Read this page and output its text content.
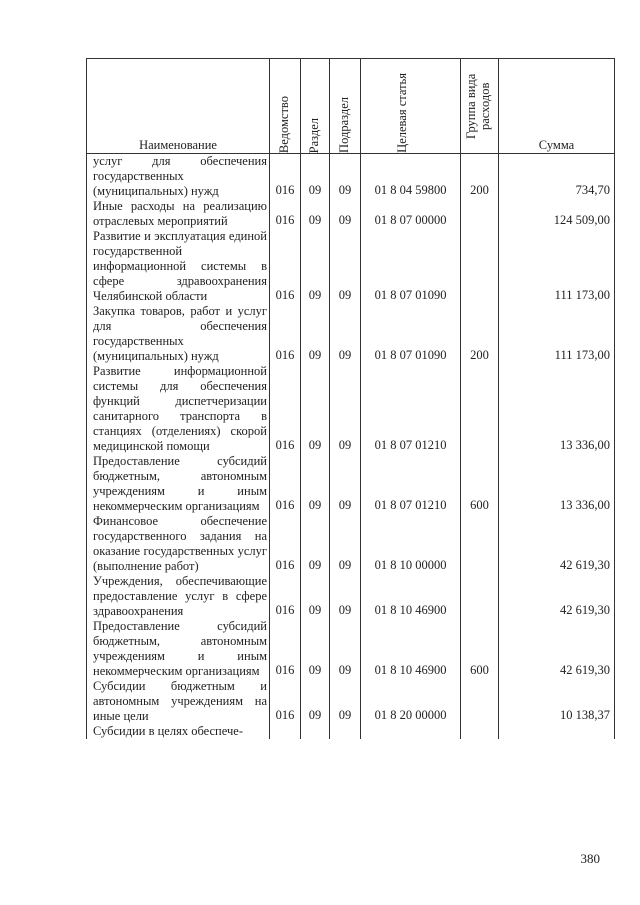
Наименование	Ведомство	Раздел	Подраздел	Целевая статья	Группа вида расходов	Сумма
услуг для обеспечения государственных (муниципальных) нужд	016	09	09	01 8 04 59800	200	734,70
Иные расходы на реализацию отраслевых мероприятий	016	09	09	01 8 07 00000		124 509,00
Развитие и эксплуатация единой государственной информационной системы в сфере здравоохранения Челябинской области	016	09	09	01 8 07 01090		111 173,00
Закупка товаров, работ и услуг для обеспечения государственных (муниципальных) нужд	016	09	09	01 8 07 01090	200	111 173,00
Развитие информационной системы для обеспечения функций диспетчеризации санитарного транспорта в станциях (отделениях) скорой медицинской помощи	016	09	09	01 8 07 01210		13 336,00
Предоставление субсидий бюджетным, автономным учреждениям и иным некоммерческим организациям	016	09	09	01 8 07 01210	600	13 336,00
Финансовое обеспечение государственного задания на оказание государственных услуг (выполнение работ)	016	09	09	01 8 10 00000		42 619,30
Учреждения, обеспечивающие предоставление услуг в сфере здравоохранения	016	09	09	01 8 10 46900		42 619,30
Предоставление субсидий бюджетным, автономным учреждениям и иным некоммерческим организациям	016	09	09	01 8 10 46900	600	42 619,30
Субсидии бюджетным и автономным учреждениям на иные цели	016	09	09	01 8 20 00000		10 138,37
Субсидии в целях обеспече-						
380
